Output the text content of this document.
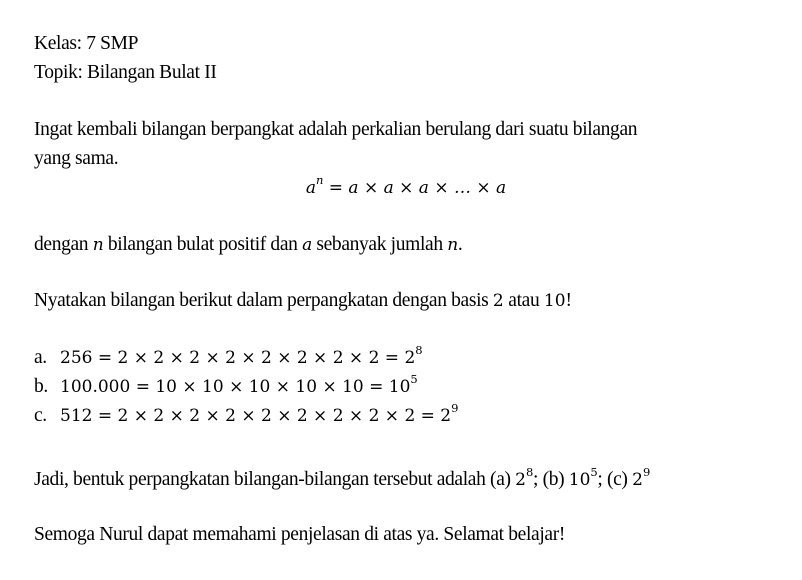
Kelas: 7 SMP
Topik: Bilangan Bulat II
Ingat kembali bilangan berpangkat adalah perkalian berulang dari suatu bilangan
yang sama.
$a^n = a \times a \times a$ × … × a
dengan n bilangan bulat positif dan a sebanyak jumlah n.
Nyatakan bilangan berikut dalam perpangkatan dengan basis 2 atau 10!
a. $256 = 2 \times 2 \times 2 \times 2 \times 2 \times 2 \times 2 \times 2 = 2^8$
b. $100.000 = 10 \times 10 \times 10 \times 10 \times 10 = 10^5$
c. $512 = 2 \times 2 \times 2 \times 2 \times 2 \times 2 \times 2 \times 2 \times 2 = 2^9$
Jadi, bentuk perpangkatan bilangan-bilangan tersebut adalah (a) $2^8$; (b) $10^5$; (c) $2^9$
Semoga Nurul dapat memahami penjelasan di atas ya. Selamat belajar!
